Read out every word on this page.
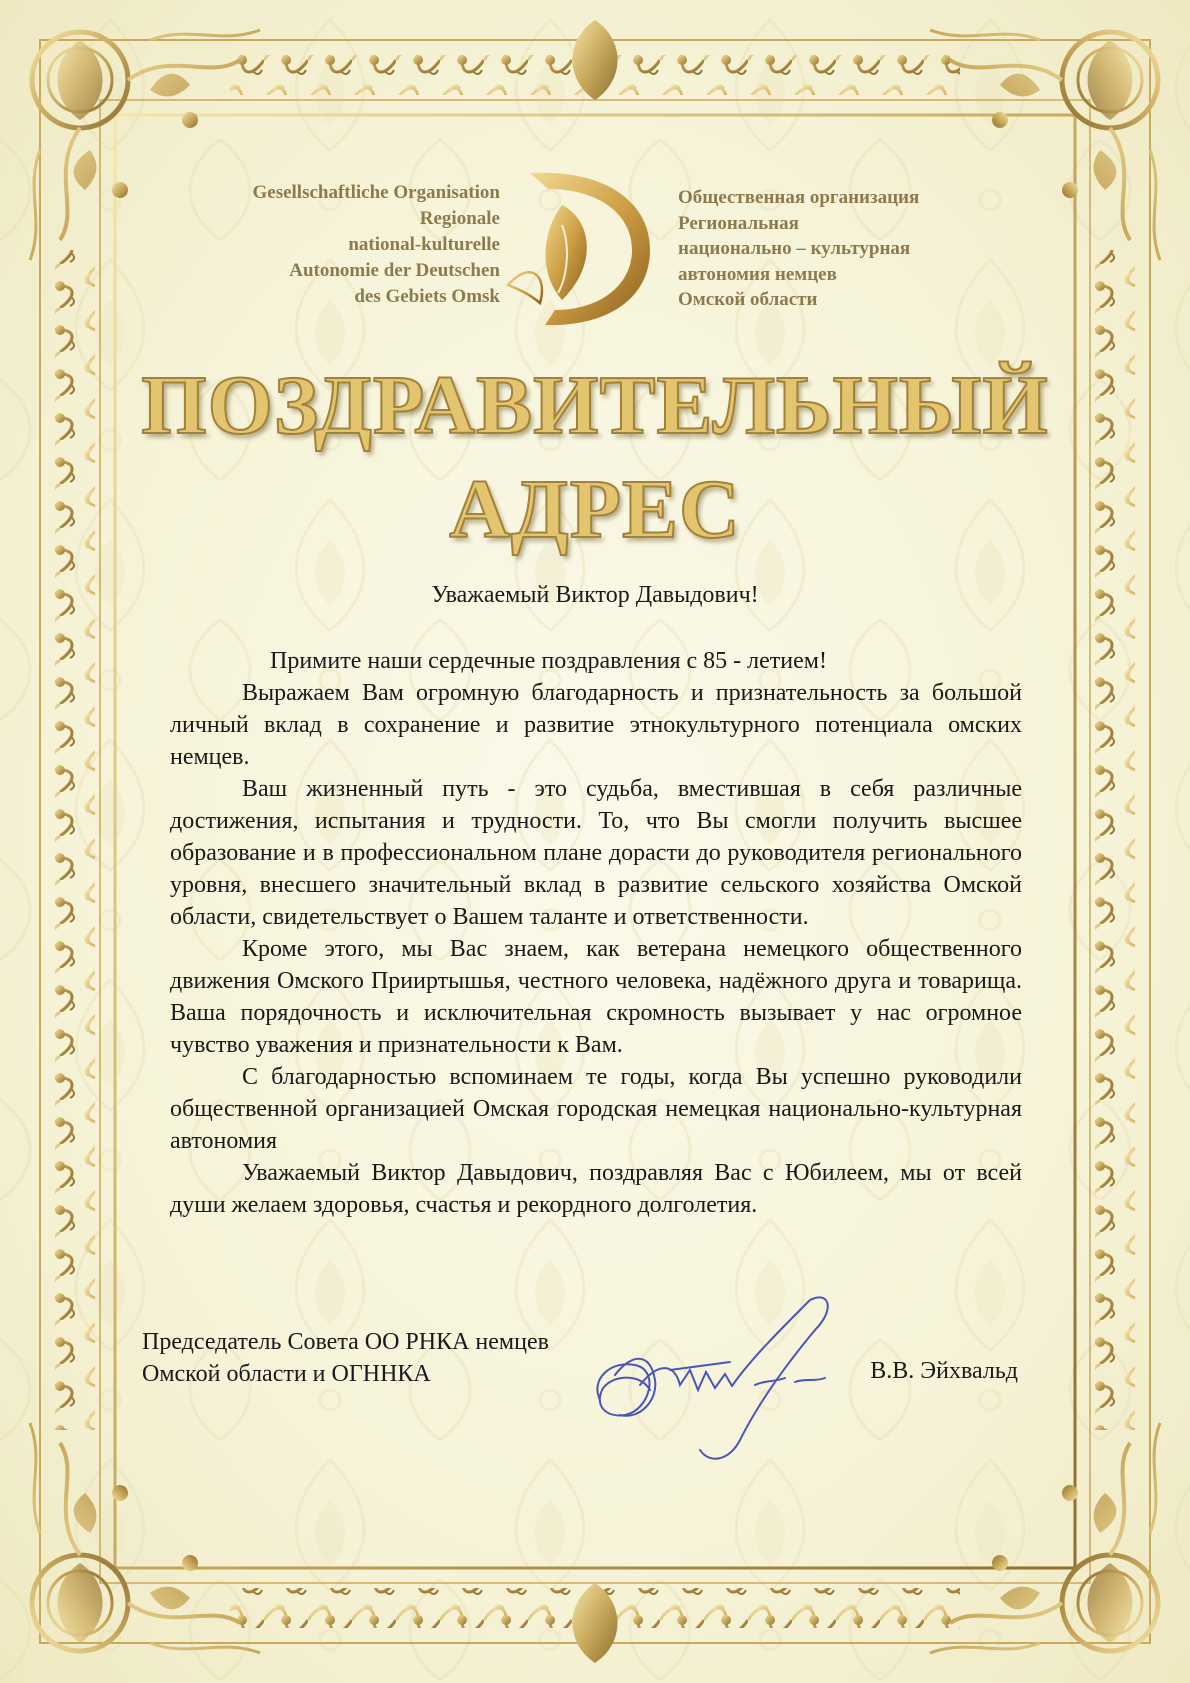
Gesellschaftliche Organisation
Regionale
national-kulturelle
Autonomie der Deutschen
des Gebiets Omsk
Общественная организация
Региональная
национально – культурная
автономия немцев
Омской области
ПОЗДРАВИТЕЛЬНЫЙ
АДРЕС
Уважаемый Виктор Давыдович!

Примите наши сердечные поздравления с 85 - летием!

Выражаем Вам огромную благодарность и признательность за большой личный вклад в сохранение и развитие этнокультурного потенциала омских немцев.

Ваш жизненный путь - это судьба, вместившая в себя различные достижения, испытания и трудности. То, что Вы смогли получить высшее образование и в профессиональном плане дорасти до руководителя регионального уровня, внесшего значительный вклад в развитие сельского хозяйства Омской области, свидетельствует о Вашем таланте и ответственности.

Кроме этого, мы Вас знаем, как ветерана немецкого общественного движения Омского Прииртышья, честного человека, надёжного друга и товарища. Ваша порядочность и исключительная скромность вызывает у нас огромное чувство уважения и признательности к Вам.

С благодарностью вспоминаем те годы, когда Вы успешно руководили общественной организацией Омская городская немецкая национально-культурная автономия

Уважаемый Виктор Давыдович, поздравляя Вас с Юбилеем, мы от всей души желаем здоровья, счастья и рекордного долголетия.

Председатель Совета ОО РНКА немцев
Омской области и ОГННКА	В.В. Эйхвальд
